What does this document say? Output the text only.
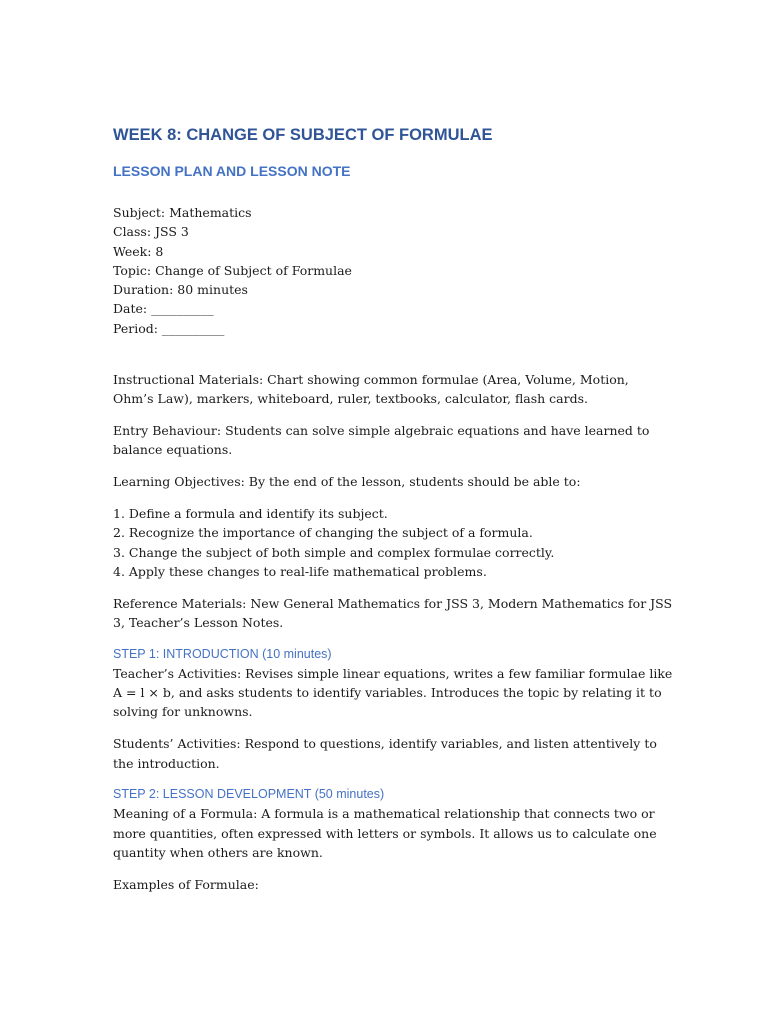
WEEK 8: CHANGE OF SUBJECT OF FORMULAE
LESSON PLAN AND LESSON NOTE
Subject: Mathematics
Class: JSS 3
Week: 8
Topic: Change of Subject of Formulae
Duration: 80 minutes
Date: __________
Period: __________

Instructional Materials: Chart showing common formulae (Area, Volume, Motion, Ohm’s Law), markers, whiteboard, ruler, textbooks, calculator, flash cards.

Entry Behaviour: Students can solve simple algebraic equations and have learned to balance equations.

Learning Objectives: By the end of the lesson, students should be able to:

1. Define a formula and identify its subject.
2. Recognize the importance of changing the subject of a formula.
3. Change the subject of both simple and complex formulae correctly.
4. Apply these changes to real-life mathematical problems.

Reference Materials: New General Mathematics for JSS 3, Modern Mathematics for JSS 3, Teacher’s Lesson Notes.

STEP 1: INTRODUCTION (10 minutes)

Teacher’s Activities: Revises simple linear equations, writes a few familiar formulae like A = l × b, and asks students to identify variables. Introduces the topic by relating it to solving for unknowns.

Students’ Activities: Respond to questions, identify variables, and listen attentively to the introduction.

STEP 2: LESSON DEVELOPMENT (50 minutes)

Meaning of a Formula: A formula is a mathematical relationship that connects two or more quantities, often expressed with letters or symbols. It allows us to calculate one quantity when others are known.

Examples of Formulae:
